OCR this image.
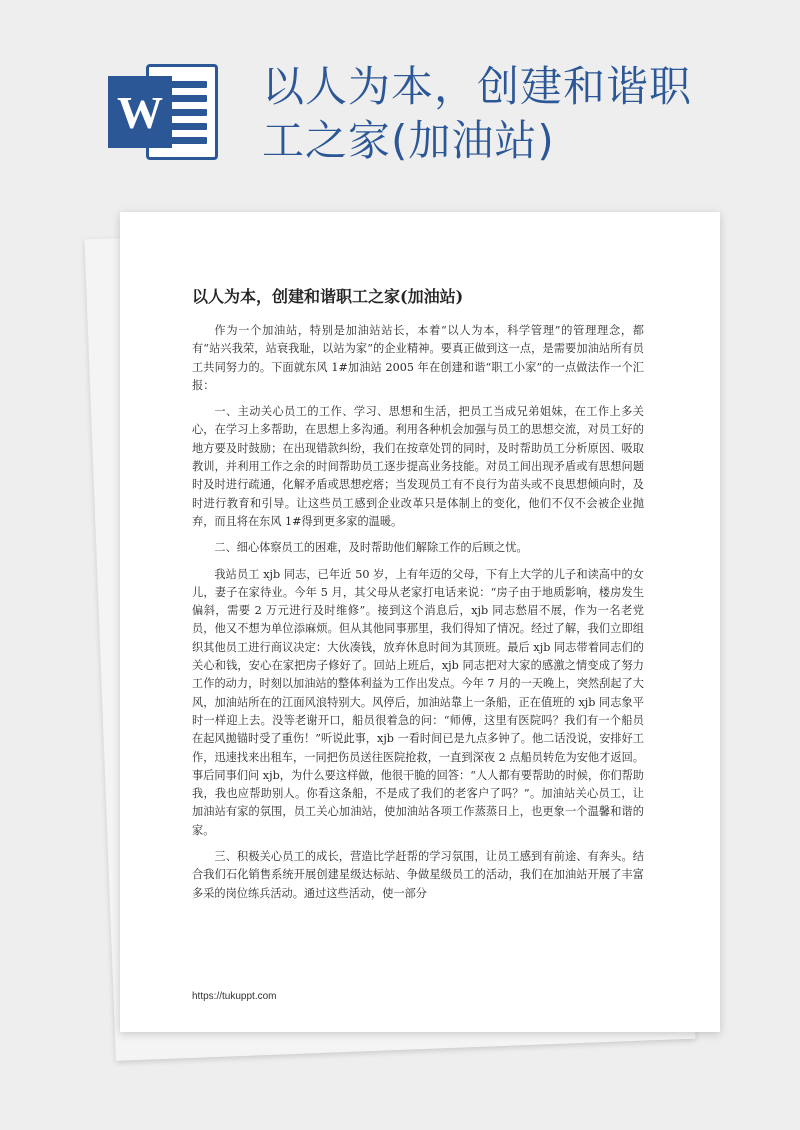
W 以人为本，创建和谐职工之家(加油站)
以人为本，创建和谐职工之家(加油站)

作为一个加油站，特别是加油站站长，本着“以人为本，科学管理”的管理理念，都有“站兴我荣，站衰我耻，以站为家”的企业精神。要真正做到这一点，是需要加油站所有员工共同努力的。下面就东风 1#加油站 2005 年在创建和谐“职工小家”的一点做法作一个汇报：

一、主动关心员工的工作、学习、思想和生活，把员工当成兄弟姐妹，在工作上多关心，在学习上多帮助，在思想上多沟通。利用各种机会加强与员工的思想交流，对员工好的地方要及时鼓励；在出现错款纠纷，我们在按章处罚的同时，及时帮助员工分析原因、吸取教训，并利用工作之余的时间帮助员工逐步提高业务技能。对员工间出现矛盾或有思想问题时及时进行疏通，化解矛盾或思想疙瘩；当发现员工有不良行为苗头或不良思想倾向时，及时进行教育和引导。让这些员工感到企业改革只是体制上的变化，他们不仅不会被企业抛弃，而且将在东风 1#得到更多家的温暖。

二、细心体察员工的困难，及时帮助他们解除工作的后顾之忧。

我站员工 xjb 同志，已年近 50 岁，上有年迈的父母，下有上大学的儿子和读高中的女儿，妻子在家待业。今年 5 月，其父母从老家打电话来说：“房子由于地质影响，楼房发生偏斜，需要 2 万元进行及时维修”。接到这个消息后，xjb 同志愁眉不展，作为一名老党员，他又不想为单位添麻烦。但从其他同事那里，我们得知了情况。经过了解，我们立即组织其他员工进行商议决定：大伙凑钱，放弃休息时间为其顶班。最后 xjb 同志带着同志们的关心和钱，安心在家把房子修好了。回站上班后，xjb 同志把对大家的感激之情变成了努力工作的动力，时刻以加油站的整体利益为工作出发点。今年 7 月的一天晚上，突然刮起了大风，加油站所在的江面风浪特别大。风停后，加油站靠上一条船，正在值班的 xjb 同志象平时一样迎上去。没等老谢开口，船员很着急的问：“师傅，这里有医院吗？我们有一个船员在起风拋锚时受了重伤！”听说此事，xjb 一看时间已是九点多钟了。他二话没说，安排好工作，迅速找来出租车，一同把伤员送往医院抢救，一直到深夜 2 点船员转危为安他才返回。事后同事们问 xjb，为什么要这样做，他很干脆的回答：“人人都有要帮助的时候，你们帮助我，我也应帮助别人。你看这条船，不是成了我们的老客户了吗？”。加油站关心员工，让加油站有家的氛围，员工关心加油站，使加油站各项工作蒸蒸日上，也更象一个温馨和谐的家。

三、积极关心员工的成长，营造比学赶帮的学习氛围，让员工感到有前途、有奔头。结合我们石化销售系统开展创建星级达标站、争做星级员工的活动，我们在加油站开展了丰富多采的岗位练兵活动。通过这些活动，使一部分

https://tukuppt.com
